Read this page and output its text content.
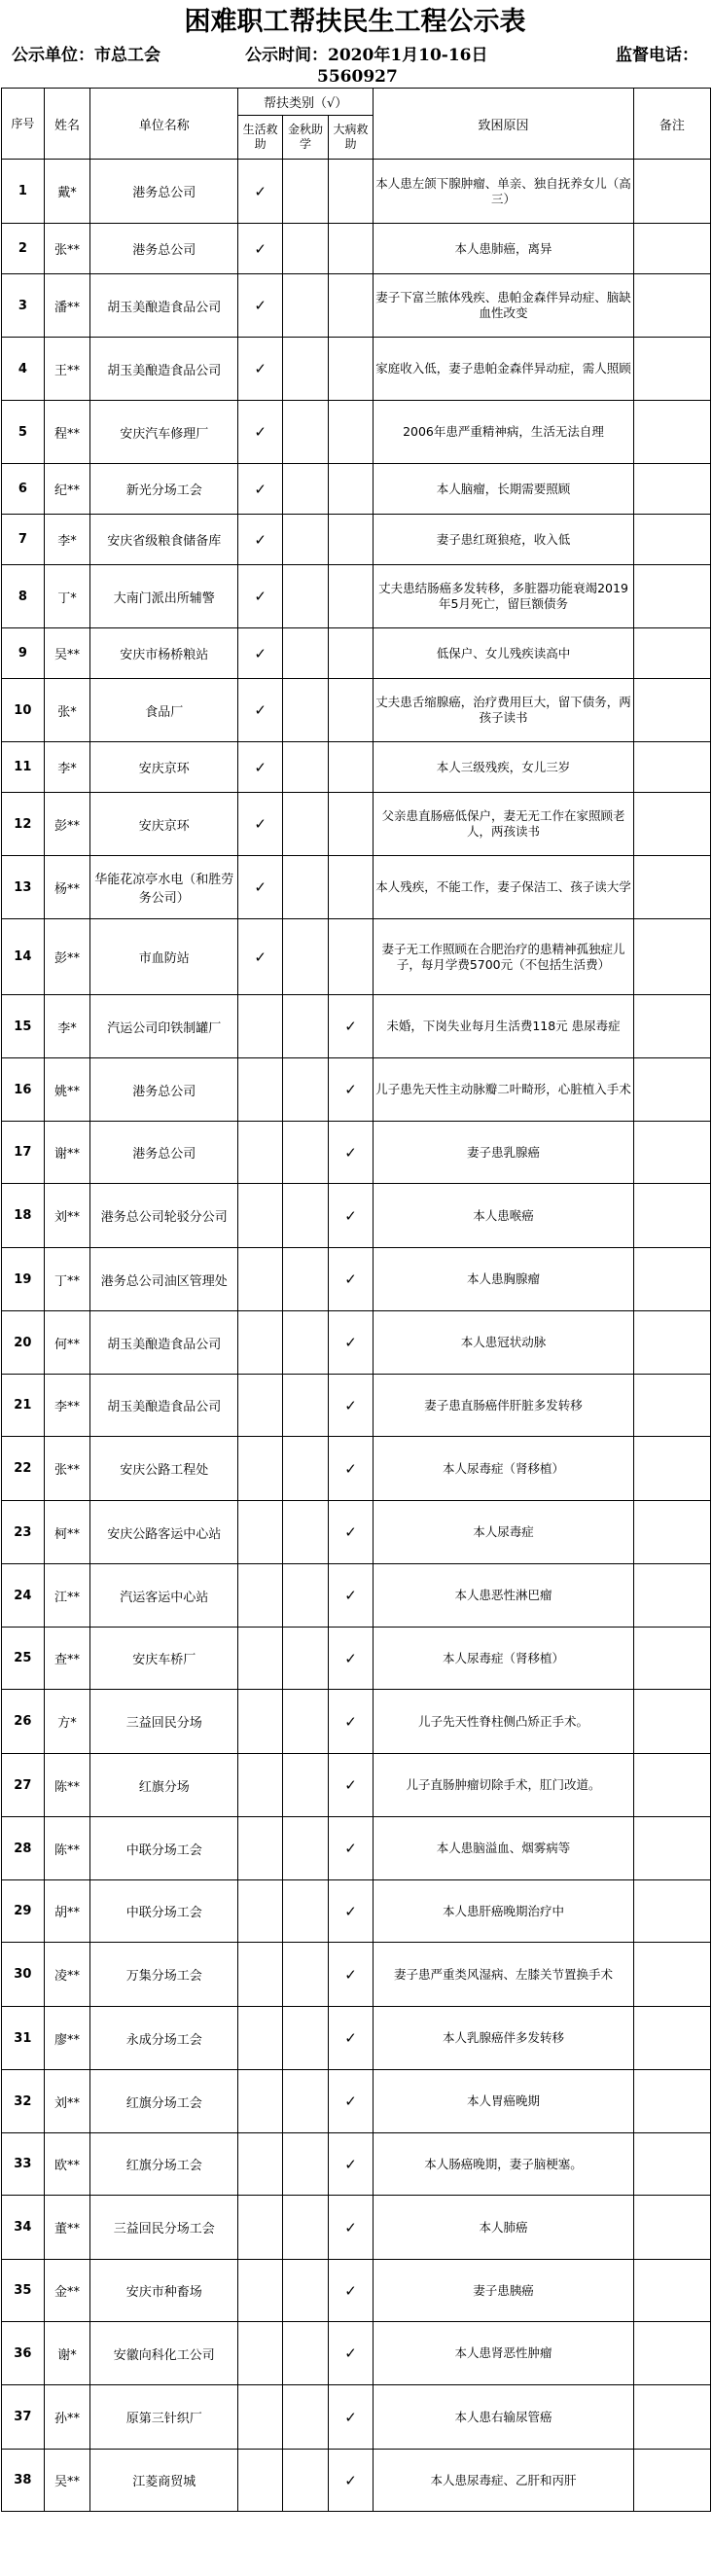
困难职工帮扶民生工程公示表
公示单位：市总工会	公示时间：2020年1月10-16日	监督电话：
5560927
序号	姓名	单位名称	帮扶类别（√）			致困原因	备注
			生活救助	金秋助学	大病救助		
1	戴*	港务总公司	✓			本人患左颌下腺肿瘤、单亲、独自抚养女儿（高三）	
2	张**	港务总公司	✓			本人患肺癌，离异	
3	潘**	胡玉美酿造食品公司	✓			妻子下富兰脓体残疾、患帕金森伴异动症、脑缺血性改变	
4	王**	胡玉美酿造食品公司	✓			家庭收入低，妻子患帕金森伴异动症，需人照顾	
5	程**	安庆汽车修理厂	✓			2006年患严重精神病，生活无法自理	
6	纪**	新光分场工会	✓			本人脑瘤，长期需要照顾	
7	李*	安庆省级粮食储备库	✓			妻子患红斑狼疮，收入低	
8	丁*	大南门派出所辅警	✓			丈夫患结肠癌多发转移，多脏器功能衰竭2019年5月死亡，留巨额债务	
9	吴**	安庆市杨桥粮站	✓			低保户、女儿残疾读高中	
10	张*	食品厂	✓			丈夫患舌缩腺癌，治疗费用巨大，留下债务，两孩子读书	
11	李*	安庆京环	✓			本人三级残疾，女儿三岁	
12	彭**	安庆京环	✓			父亲患直肠癌低保户，妻无无工作在家照顾老人，两孩读书	
13	杨**	华能花凉亭水电（和胜劳务公司）	✓			本人残疾，不能工作，妻子保洁工、孩子读大学	
14	彭**	市血防站	✓			妻子无工作照顾在合肥治疗的患精神孤独症儿子，每月学费5700元（不包括生活费）	
15	李*	汽运公司印铁制罐厂			✓	未婚，下岗失业每月生活费118元 患尿毒症	
16	姚**	港务总公司			✓	儿子患先天性主动脉瓣二叶畸形，心脏植入手术	
17	谢**	港务总公司			✓	妻子患乳腺癌	
18	刘**	港务总公司轮驳分公司			✓	本人患喉癌	
19	丁**	港务总公司油区管理处			✓	本人患胸腺瘤	
20	何**	胡玉美酿造食品公司			✓	本人患冠状动脉	
21	李**	胡玉美酿造食品公司			✓	妻子患直肠癌伴肝脏多发转移	
22	张**	安庆公路工程处			✓	本人尿毒症（肾移植）	
23	柯**	安庆公路客运中心站			✓	本人尿毒症	
24	江**	汽运客运中心站			✓	本人患恶性淋巴瘤	
25	查**	安庆车桥厂			✓	本人尿毒症（肾移植）	
26	方*	三益回民分场			✓	儿子先天性脊柱侧凸矫正手术。	
27	陈**	红旗分场			✓	儿子直肠肿瘤切除手术，肛门改道。	
28	陈**	中联分场工会			✓	本人患脑溢血、烟雾病等	
29	胡**	中联分场工会			✓	本人患肝癌晚期治疗中	
30	凌**	万集分场工会			✓	妻子患严重类风湿病、左膝关节置换手术	
31	廖**	永成分场工会			✓	本人乳腺癌伴多发转移	
32	刘**	红旗分场工会			✓	本人胃癌晚期	
33	欧**	红旗分场工会			✓	本人肠癌晚期，妻子脑梗塞。	
34	董**	三益回民分场工会			✓	本人肺癌	
35	金**	安庆市种畜场			✓	妻子患胰癌	
36	谢*	安徽向科化工公司			✓	本人患肾恶性肿瘤	
37	孙**	原第三针织厂			✓	本人患右输尿管癌	
38	吴**	江菱商贸城			✓	本人患尿毒症、乙肝和丙肝	
